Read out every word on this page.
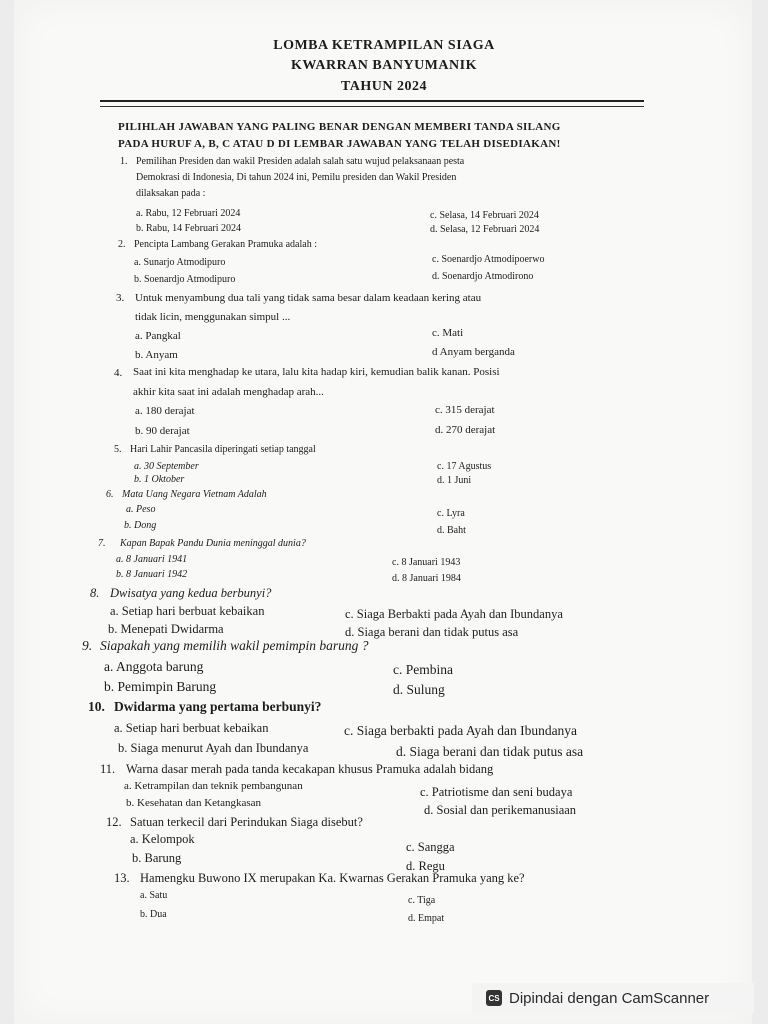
LOMBA KETRAMPILAN SIAGA
KWARRAN BANYUMANIK
TAHUN 2024
PILIHLAH JAWABAN YANG PALING BENAR DENGAN MEMBERI TANDA SILANG
PADA HURUF A, B, C ATAU D DI LEMBAR JAWABAN YANG TELAH DISEDIAKAN!
1. Pemilihan Presiden dan wakil Presiden adalah salah satu wujud pelaksanaan pesta
Demokrasi di Indonesia, Di tahun 2024 ini, Pemilu presiden dan Wakil Presiden
dilaksakan pada :
a. Rabu, 12 Februari 2024
b. Rabu, 14 Februari 2024
c. Selasa, 14 Februari 2024
d. Selasa, 12 Februari 2024
2. Pencipta Lambang Gerakan Pramuka adalah :
a. Sunarjo Atmodipuro
b. Soenardjo Atmodipuro
c. Soenardjo Atmodipoerwo
d. Soenardjo Atmodirono
3. Untuk menyambung dua tali yang tidak sama besar dalam keadaan kering atau
tidak licin, menggunakan simpul ...
a. Pangkal
b. Anyam
c. Mati
d Anyam berganda
4. Saat ini kita menghadap ke utara, lalu kita hadap kiri, kemudian balik kanan. Posisi
akhir kita saat ini adalah menghadap arah...
a. 180 derajat
b. 90 derajat
c. 315 derajat
d. 270 derajat
5. Hari Lahir Pancasila diperingati setiap tanggal
a. 30 September
b. 1 Oktober
c. 17 Agustus
d. 1 Juni
6. Mata Uang Negara Vietnam Adalah
a. Peso
b. Dong
c. Lyra
d. Baht
7. Kapan Bapak Pandu Dunia meninggal dunia?
a. 8 Januari 1941
b. 8 Januari 1942
c. 8 Januari 1943
d. 8 Januari 1984
8. Dwisatya yang kedua berbunyi?
a. Setiap hari berbuat kebaikan
b. Menepati Dwidarma
c. Siaga Berbakti pada Ayah dan Ibundanya
d. Siaga berani dan tidak putus asa
9. Siapakah yang memilih wakil pemimpin barung ?
a. Anggota barung
b. Pemimpin Barung
c. Pembina
d. Sulung
10. Dwidarma yang pertama berbunyi?
a. Setiap hari berbuat kebaikan
b. Siaga menurut Ayah dan Ibundanya
c. Siaga berbakti pada Ayah dan Ibundanya
d. Siaga berani dan tidak putus asa
11. Warna dasar merah pada tanda kecakapan khusus Pramuka adalah bidang
a. Ketrampilan dan teknik pembangunan
b. Kesehatan dan Ketangkasan
c. Patriotisme dan seni budaya
d. Sosial dan perikemanusiaan
12. Satuan terkecil dari Perindukan Siaga disebut?
a. Kelompok
b. Barung
c. Sangga
d. Regu
13. Hamengku Buwono IX merupakan Ka. Kwarnas Gerakan Pramuka yang ke?
a. Satu
b. Dua
c. Tiga
d. Empat
CS Dipindai dengan CamScanner
